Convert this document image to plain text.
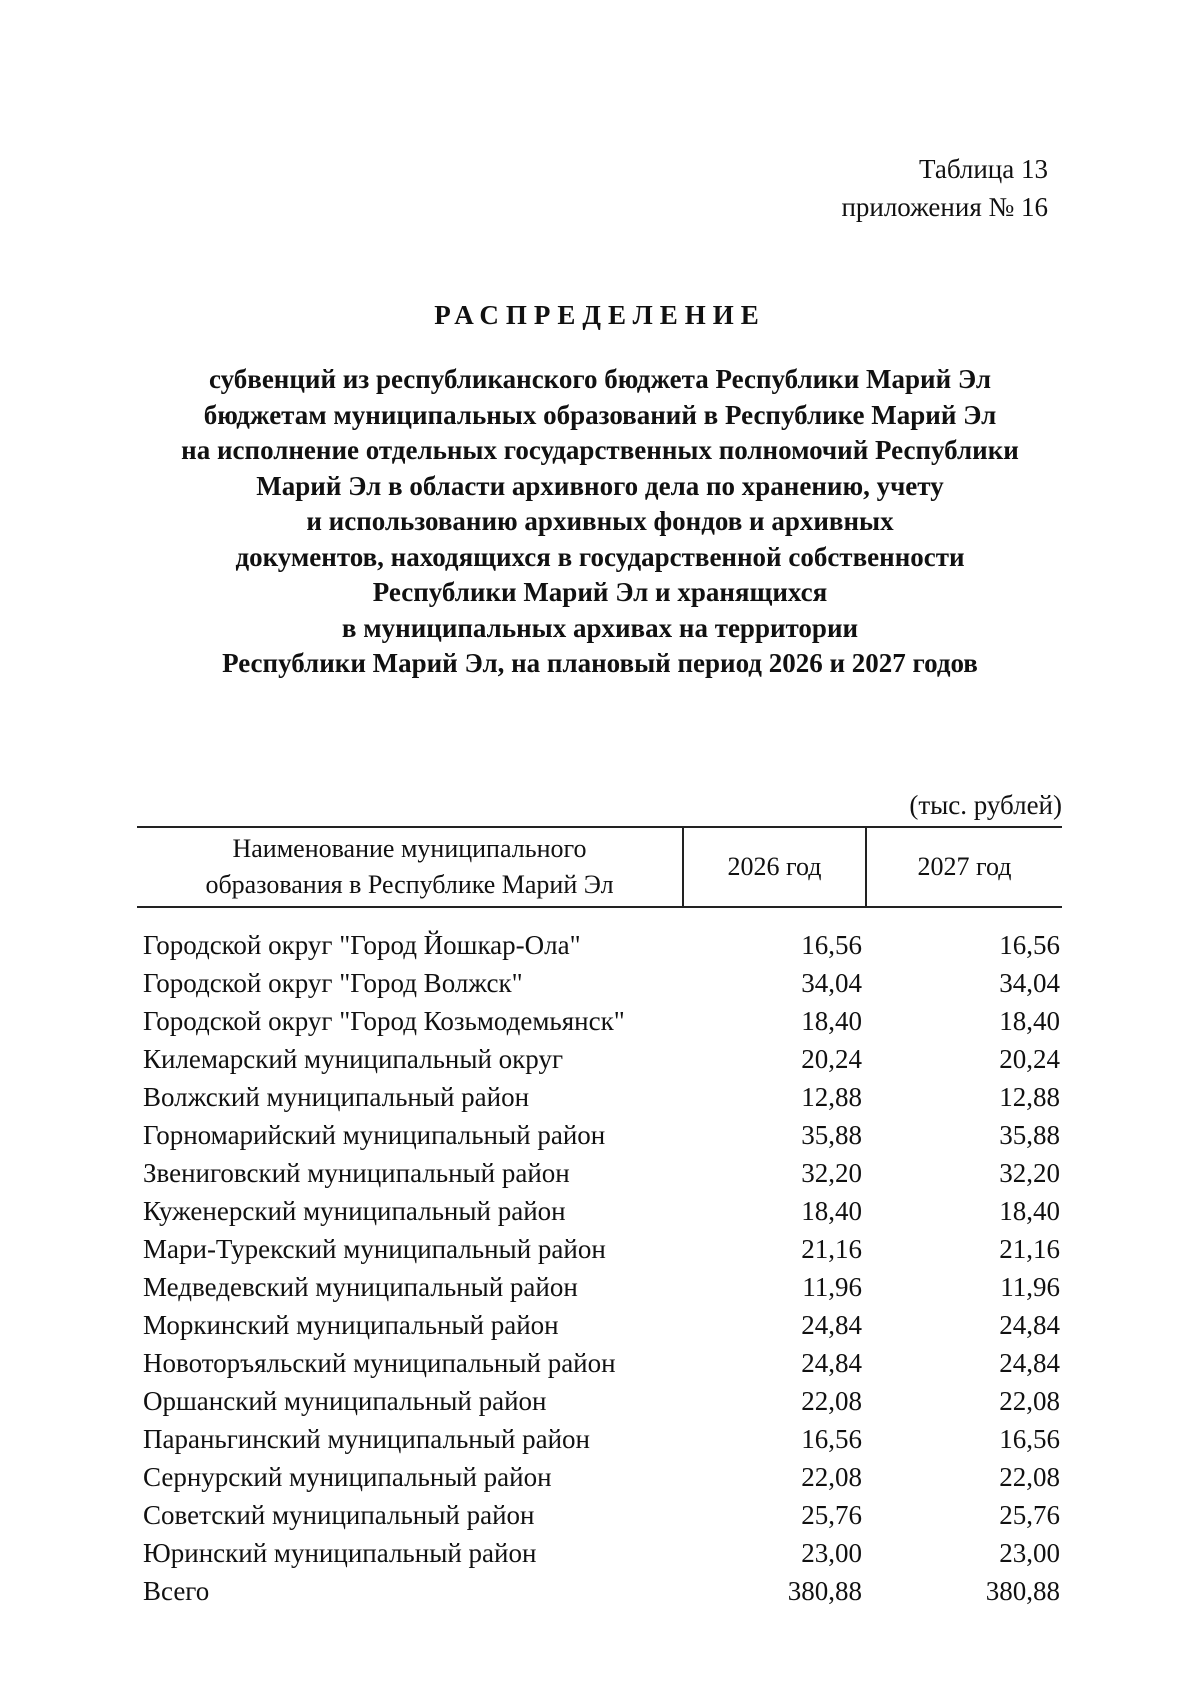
Таблица 13
приложения № 16
РАСПРЕДЕЛЕНИЕ
субвенций из республиканского бюджета Республики Марий Эл
бюджетам муниципальных образований в Республике Марий Эл
на исполнение отдельных государственных полномочий Республики
Марий Эл в области архивного дела по хранению, учету
и использованию архивных фондов и архивных
документов, находящихся в государственной собственности
Республики Марий Эл и хранящихся
в муниципальных архивах на территории
Республики Марий Эл, на плановый период 2026 и 2027 годов
(тыс. рублей)
Наименование муниципального
образования в Республике Марий Эл	2026 год	2027 год

Городской округ "Город Йошкар-Ола"	16,56	16,56
Городской округ "Город Волжск"	34,04	34,04
Городской округ "Город Козьмодемьянск"	18,40	18,40
Килемарский муниципальный округ	20,24	20,24
Волжский муниципальный район	12,88	12,88
Горномарийский муниципальный район	35,88	35,88
Звениговский муниципальный район	32,20	32,20
Куженерский муниципальный район	18,40	18,40
Мари-Турекский муниципальный район	21,16	21,16
Медведевский муниципальный район	11,96	11,96
Моркинский муниципальный район	24,84	24,84
Новоторъяльский муниципальный район	24,84	24,84
Оршанский муниципальный район	22,08	22,08
Параньгинский муниципальный район	16,56	16,56
Сернурский муниципальный район	22,08	22,08
Советский муниципальный район	25,76	25,76
Юринский муниципальный район	23,00	23,00
Всего	380,88	380,88
